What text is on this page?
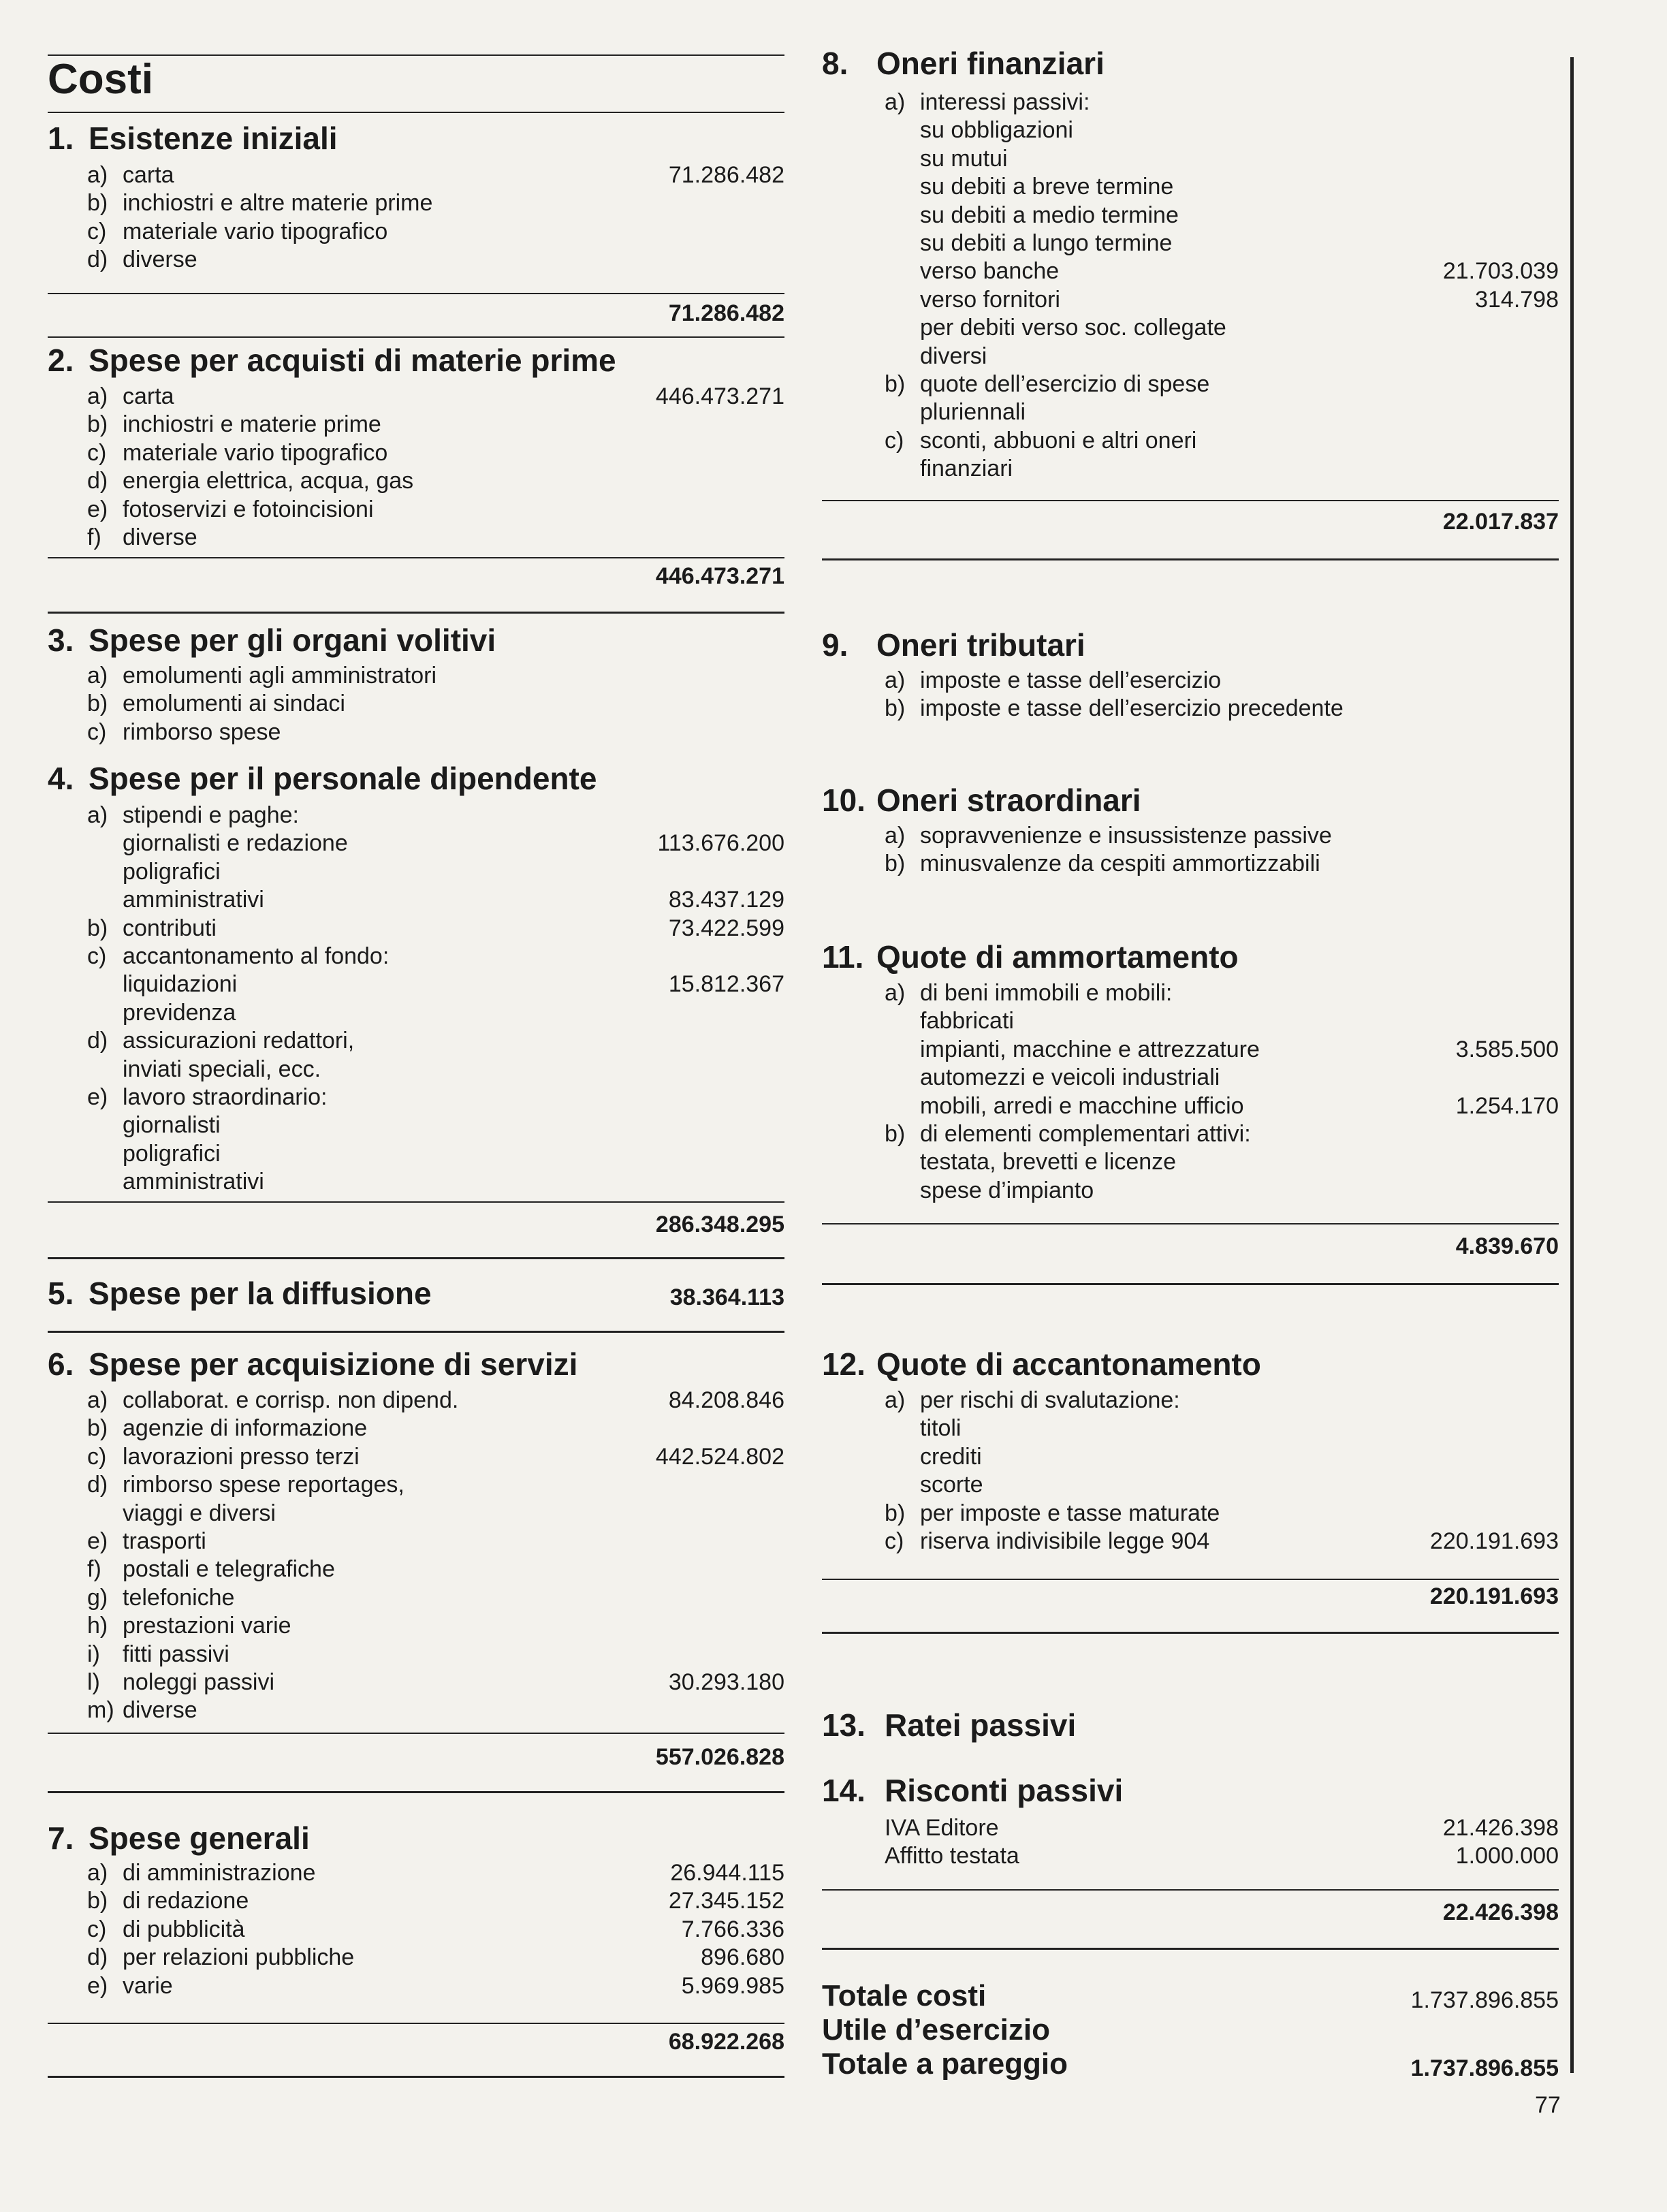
Costi
1. Esistenze iniziali
71.286.482
2. Spese per acquisti di materie prime
446.473.271
3. Spese per gli organi volitivi
4. Spese per il personale dipendente
286.348.295
5. Spese per la diffusione	38.364.113
6. Spese per acquisizione di servizi
557.026.828
7. Spese generali
68.922.268
a) carta	71.286.482
b) inchiostri e altre materie prime
c) materiale vario tipografico
d) diverse
a) carta	446.473.271
b) inchiostri e materie prime
c) materiale vario tipografico
d) energia elettrica, acqua, gas
e) fotoservizi e fotoincisioni
f) diverse
a) emolumenti agli amministratori
b) emolumenti ai sindaci
c) rimborso spese
a) stipendi e paghe:
giornalisti e redazione	113.676.200
poligrafici
amministrativi	83.437.129
b) contributi	73.422.599
c) accantonamento al fondo:
liquidazioni	15.812.367
previdenza
d) assicurazioni redattori,
inviati speciali, ecc.
e) lavoro straordinario:
giornalisti
poligrafici
amministrativi
a) collaborat. e corrisp. non dipend.	84.208.846
b) agenzie di informazione
c) lavorazioni presso terzi	442.524.802
d) rimborso spese reportages,
viaggi e diversi
e) trasporti
f) postali e telegrafiche
g) telefoniche
h) prestazioni varie
i) fitti passivi
l) noleggi passivi	30.293.180
m) diverse
a) di amministrazione	26.944.115
b) di redazione	27.345.152
c) di pubblicità	7.766.336
d) per relazioni pubbliche	896.680
e) varie	5.969.985
8. Oneri finanziari
22.017.837
9. Oneri tributari
10. Oneri straordinari
11. Quote di ammortamento
4.839.670
12. Quote di accantonamento
220.191.693
13. Ratei passivi
14. Risconti passivi
22.426.398
Totale costi	1.737.896.855
Utile d’esercizio
Totale a pareggio	1.737.896.855
a) interessi passivi:
su obbligazioni
su mutui
su debiti a breve termine
su debiti a medio termine
su debiti a lungo termine
verso banche	21.703.039
verso fornitori	314.798
per debiti verso soc. collegate
diversi
b) quote dell’esercizio di spese
pluriennali
c) sconti, abbuoni e altri oneri
finanziari
a) imposte e tasse dell’esercizio
b) imposte e tasse dell’esercizio precedente
a) sopravvenienze e insussistenze passive
b) minusvalenze da cespiti ammortizzabili
a) di beni immobili e mobili:
fabbricati
impianti, macchine e attrezzature	3.585.500
automezzi e veicoli industriali
mobili, arredi e macchine ufficio	1.254.170
b) di elementi complementari attivi:
testata, brevetti e licenze
spese d’impianto
a) per rischi di svalutazione:
titoli
crediti
scorte
b) per imposte e tasse maturate
c) riserva indivisibile legge 904	220.191.693
IVA Editore	21.426.398
Affitto testata	1.000.000
77
